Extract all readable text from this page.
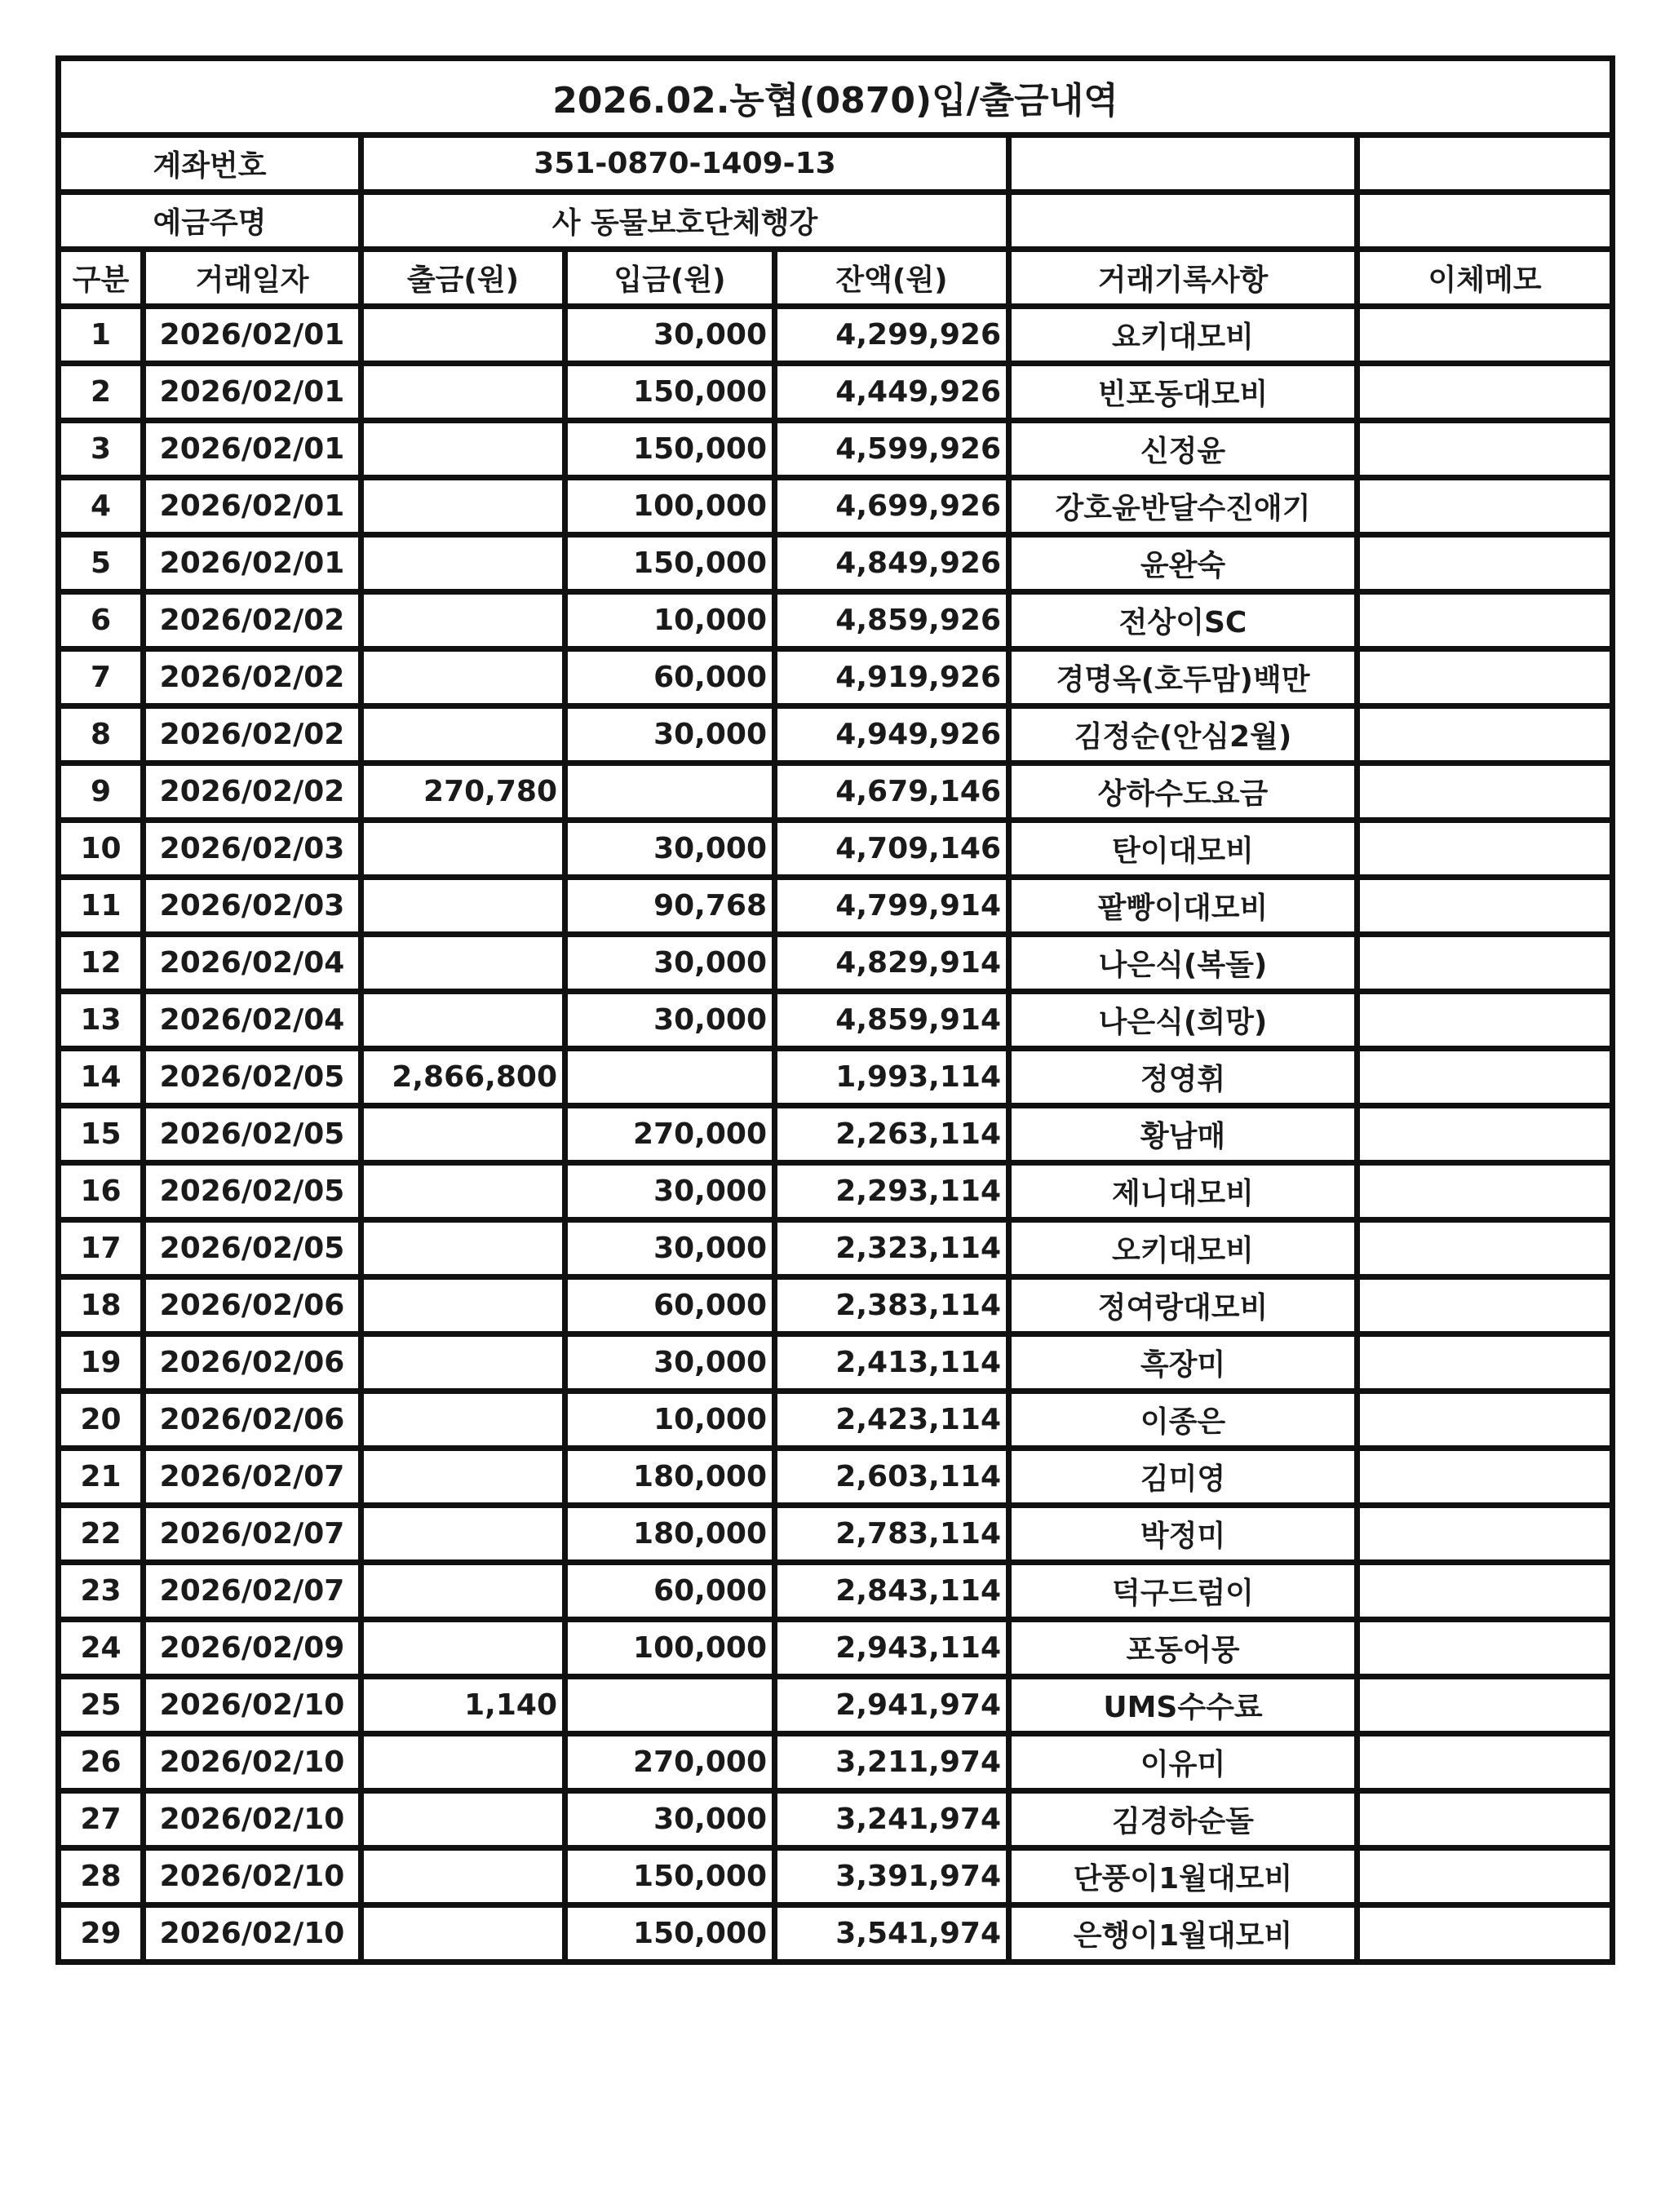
2026.02.농협(0870)입/출금내역						
계좌번호		351-0870-1409-13				
예금주명		사 동물보호단체행강				
구분	거래일자	출금(원)	입금(원)	잔액(원)	거래기록사항	이체메모
1	2026/02/01		30,000	4,299,926	요키대모비	
2	2026/02/01		150,000	4,449,926	빈포동대모비	
3	2026/02/01		150,000	4,599,926	신정윤	
4	2026/02/01		100,000	4,699,926	강호윤반달수진애기	
5	2026/02/01		150,000	4,849,926	윤완숙	
6	2026/02/02		10,000	4,859,926	전상이SC	
7	2026/02/02		60,000	4,919,926	경명옥(호두맘)백만	
8	2026/02/02		30,000	4,949,926	김정순(안심2월)	
9	2026/02/02	270,780		4,679,146	상하수도요금	
10	2026/02/03		30,000	4,709,146	탄이대모비	
11	2026/02/03		90,768	4,799,914	팥빵이대모비	
12	2026/02/04		30,000	4,829,914	나은식(복돌)	
13	2026/02/04		30,000	4,859,914	나은식(희망)	
14	2026/02/05	2,866,800		1,993,114	정영휘	
15	2026/02/05		270,000	2,263,114	황남매	
16	2026/02/05		30,000	2,293,114	제니대모비	
17	2026/02/05		30,000	2,323,114	오키대모비	
18	2026/02/06		60,000	2,383,114	정여랑대모비	
19	2026/02/06		30,000	2,413,114	흑장미	
20	2026/02/06		10,000	2,423,114	이종은	
21	2026/02/07		180,000	2,603,114	김미영	
22	2026/02/07		180,000	2,783,114	박정미	
23	2026/02/07		60,000	2,843,114	덕구드럼이	
24	2026/02/09		100,000	2,943,114	포동어뭉	
25	2026/02/10	1,140		2,941,974	UMS수수료	
26	2026/02/10		270,000	3,211,974	이유미	
27	2026/02/10		30,000	3,241,974	김경하순돌	
28	2026/02/10		150,000	3,391,974	단풍이1월대모비	
29	2026/02/10		150,000	3,541,974	은행이1월대모비	
